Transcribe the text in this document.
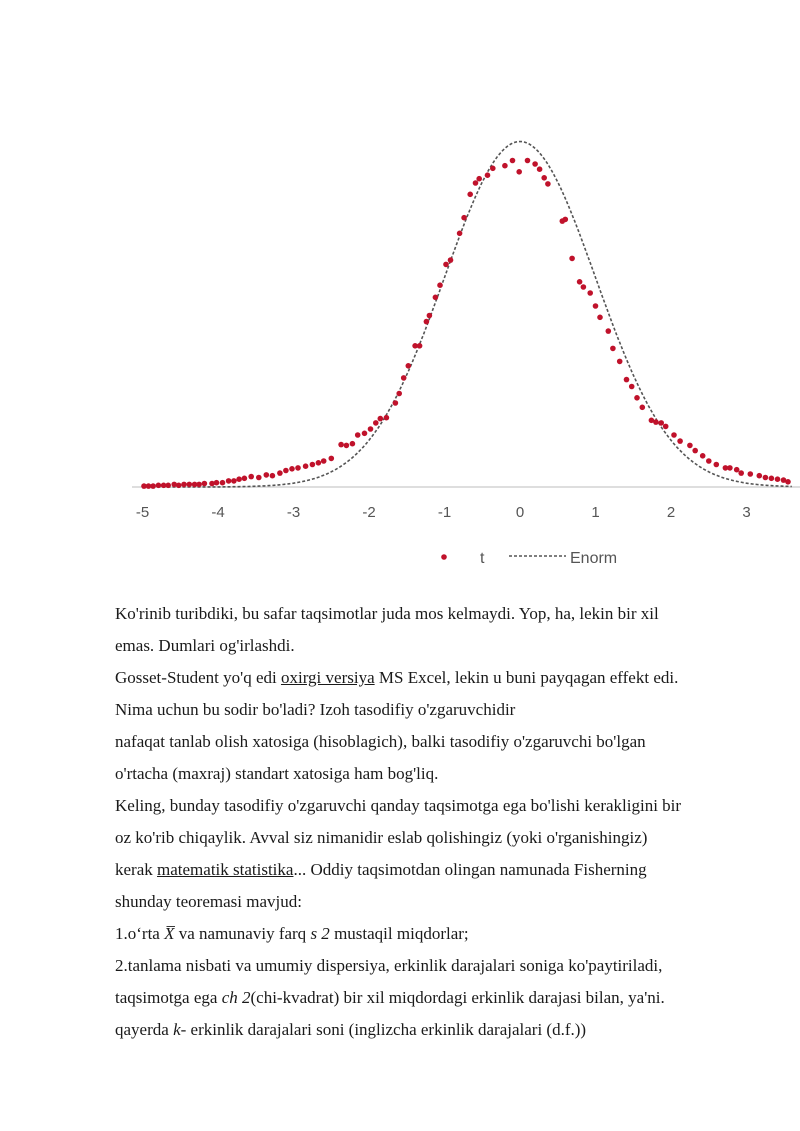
-5	-4	-3	-2	-1	0	1	2	3
t	Enorm

Ko'rinib turibdiki, bu safar taqsimotlar juda mos kelmaydi. Yop, ha, lekin bir xil

emas. Dumlari og'irlashdi.

Gosset-Student yo'q edi oxirgi versiya MS Excel, lekin u buni payqagan effekt edi.

Nima uchun bu sodir bo'ladi? Izoh tasodifiy o'zgaruvchidir

nafaqat tanlab olish xatosiga (hisoblagich), balki tasodifiy o'zgaruvchi bo'lgan

o'rtacha (maxraj) standart xatosiga ham bog'liq.

Keling, bunday tasodifiy o'zgaruvchi qanday taqsimotga ega bo'lishi kerakligini bir

oz ko'rib chiqaylik. Avval siz nimanidir eslab qolishingiz (yoki o'rganishingiz)

kerak matematik statistika... Oddiy taqsimotdan olingan namunada Fisherning

shunday teoremasi mavjud:

1.o‘rta X̅ va namunaviy farq s 2 mustaqil miqdorlar;

2.tanlama nisbati va umumiy dispersiya, erkinlik darajalari soniga ko'paytiriladi,

taqsimotga ega ch 2(chi-kvadrat) bir xil miqdordagi erkinlik darajasi bilan, ya'ni.

qayerda k- erkinlik darajalari soni (inglizcha erkinlik darajalari (d.f.))
